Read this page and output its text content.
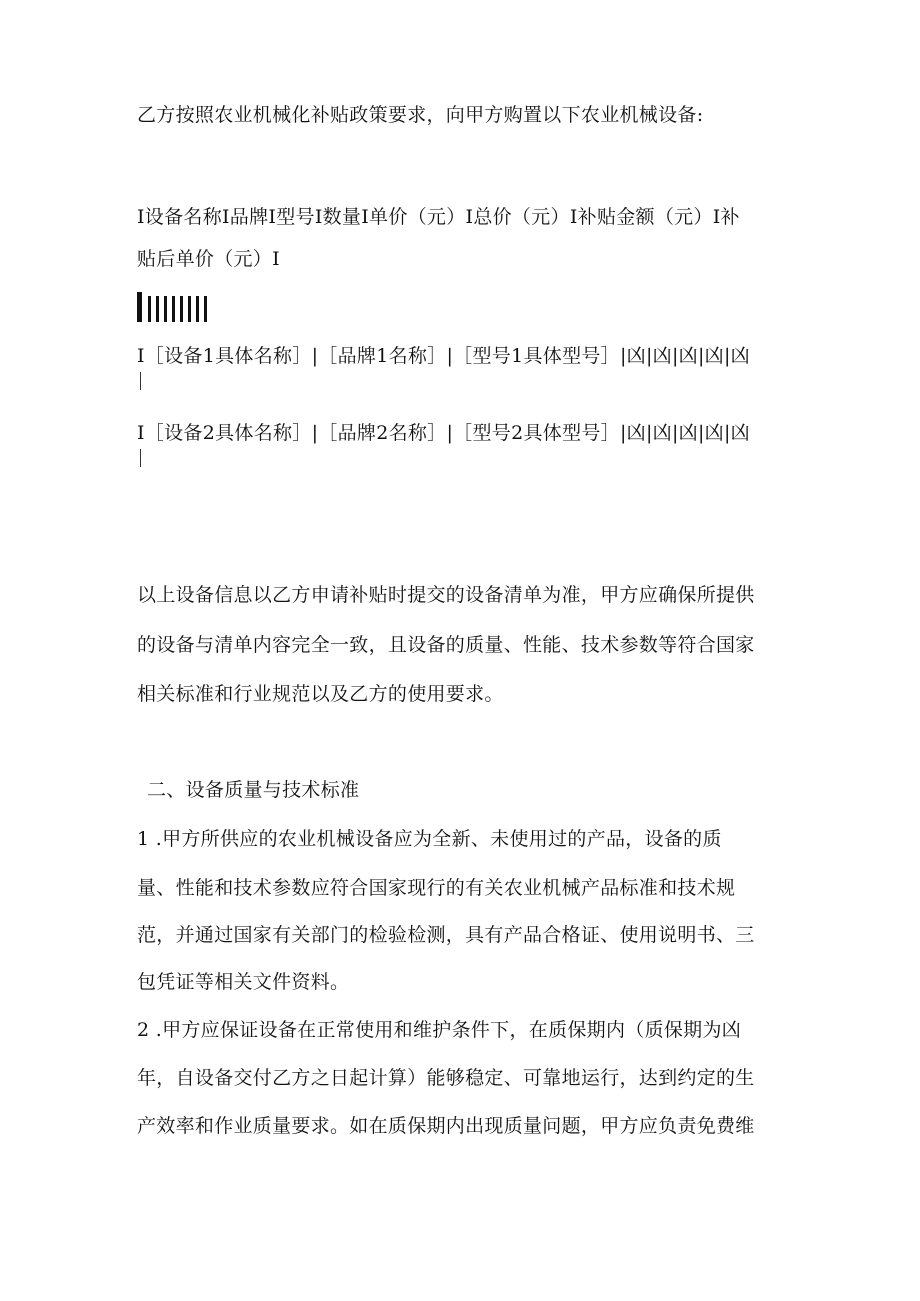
乙方按照农业机械化补贴政策要求，向甲方购置以下农业机械设备:
I设备名称I品牌I型号I数量I单价（元）I总价（元）I补贴金额（元）I补
贴后单价（元）I
I［设备1具体名称］|［品牌1名称］|［型号1具体型号］|凶|凶|凶|凶|凶
I［设备2具体名称］|［品牌2名称］|［型号2具体型号］|凶|凶|凶|凶|凶
以上设备信息以乙方申请补贴时提交的设备清单为准，甲方应确保所提供
的设备与清单内容完全一致，且设备的质量、性能、技术参数等符合国家
相关标准和行业规范以及乙方的使用要求。
二、设备质量与技术标准
1 .甲方所供应的农业机械设备应为全新、未使用过的产品，设备的质
量、性能和技术参数应符合国家现行的有关农业机械产品标准和技术规
范，并通过国家有关部门的检验检测，具有产品合格证、使用说明书、三
包凭证等相关文件资料。
2 .甲方应保证设备在正常使用和维护条件下，在质保期内（质保期为凶
年，自设备交付乙方之日起计算）能够稳定、可靠地运行，达到约定的生
产效率和作业质量要求。如在质保期内出现质量问题，甲方应负责免费维
